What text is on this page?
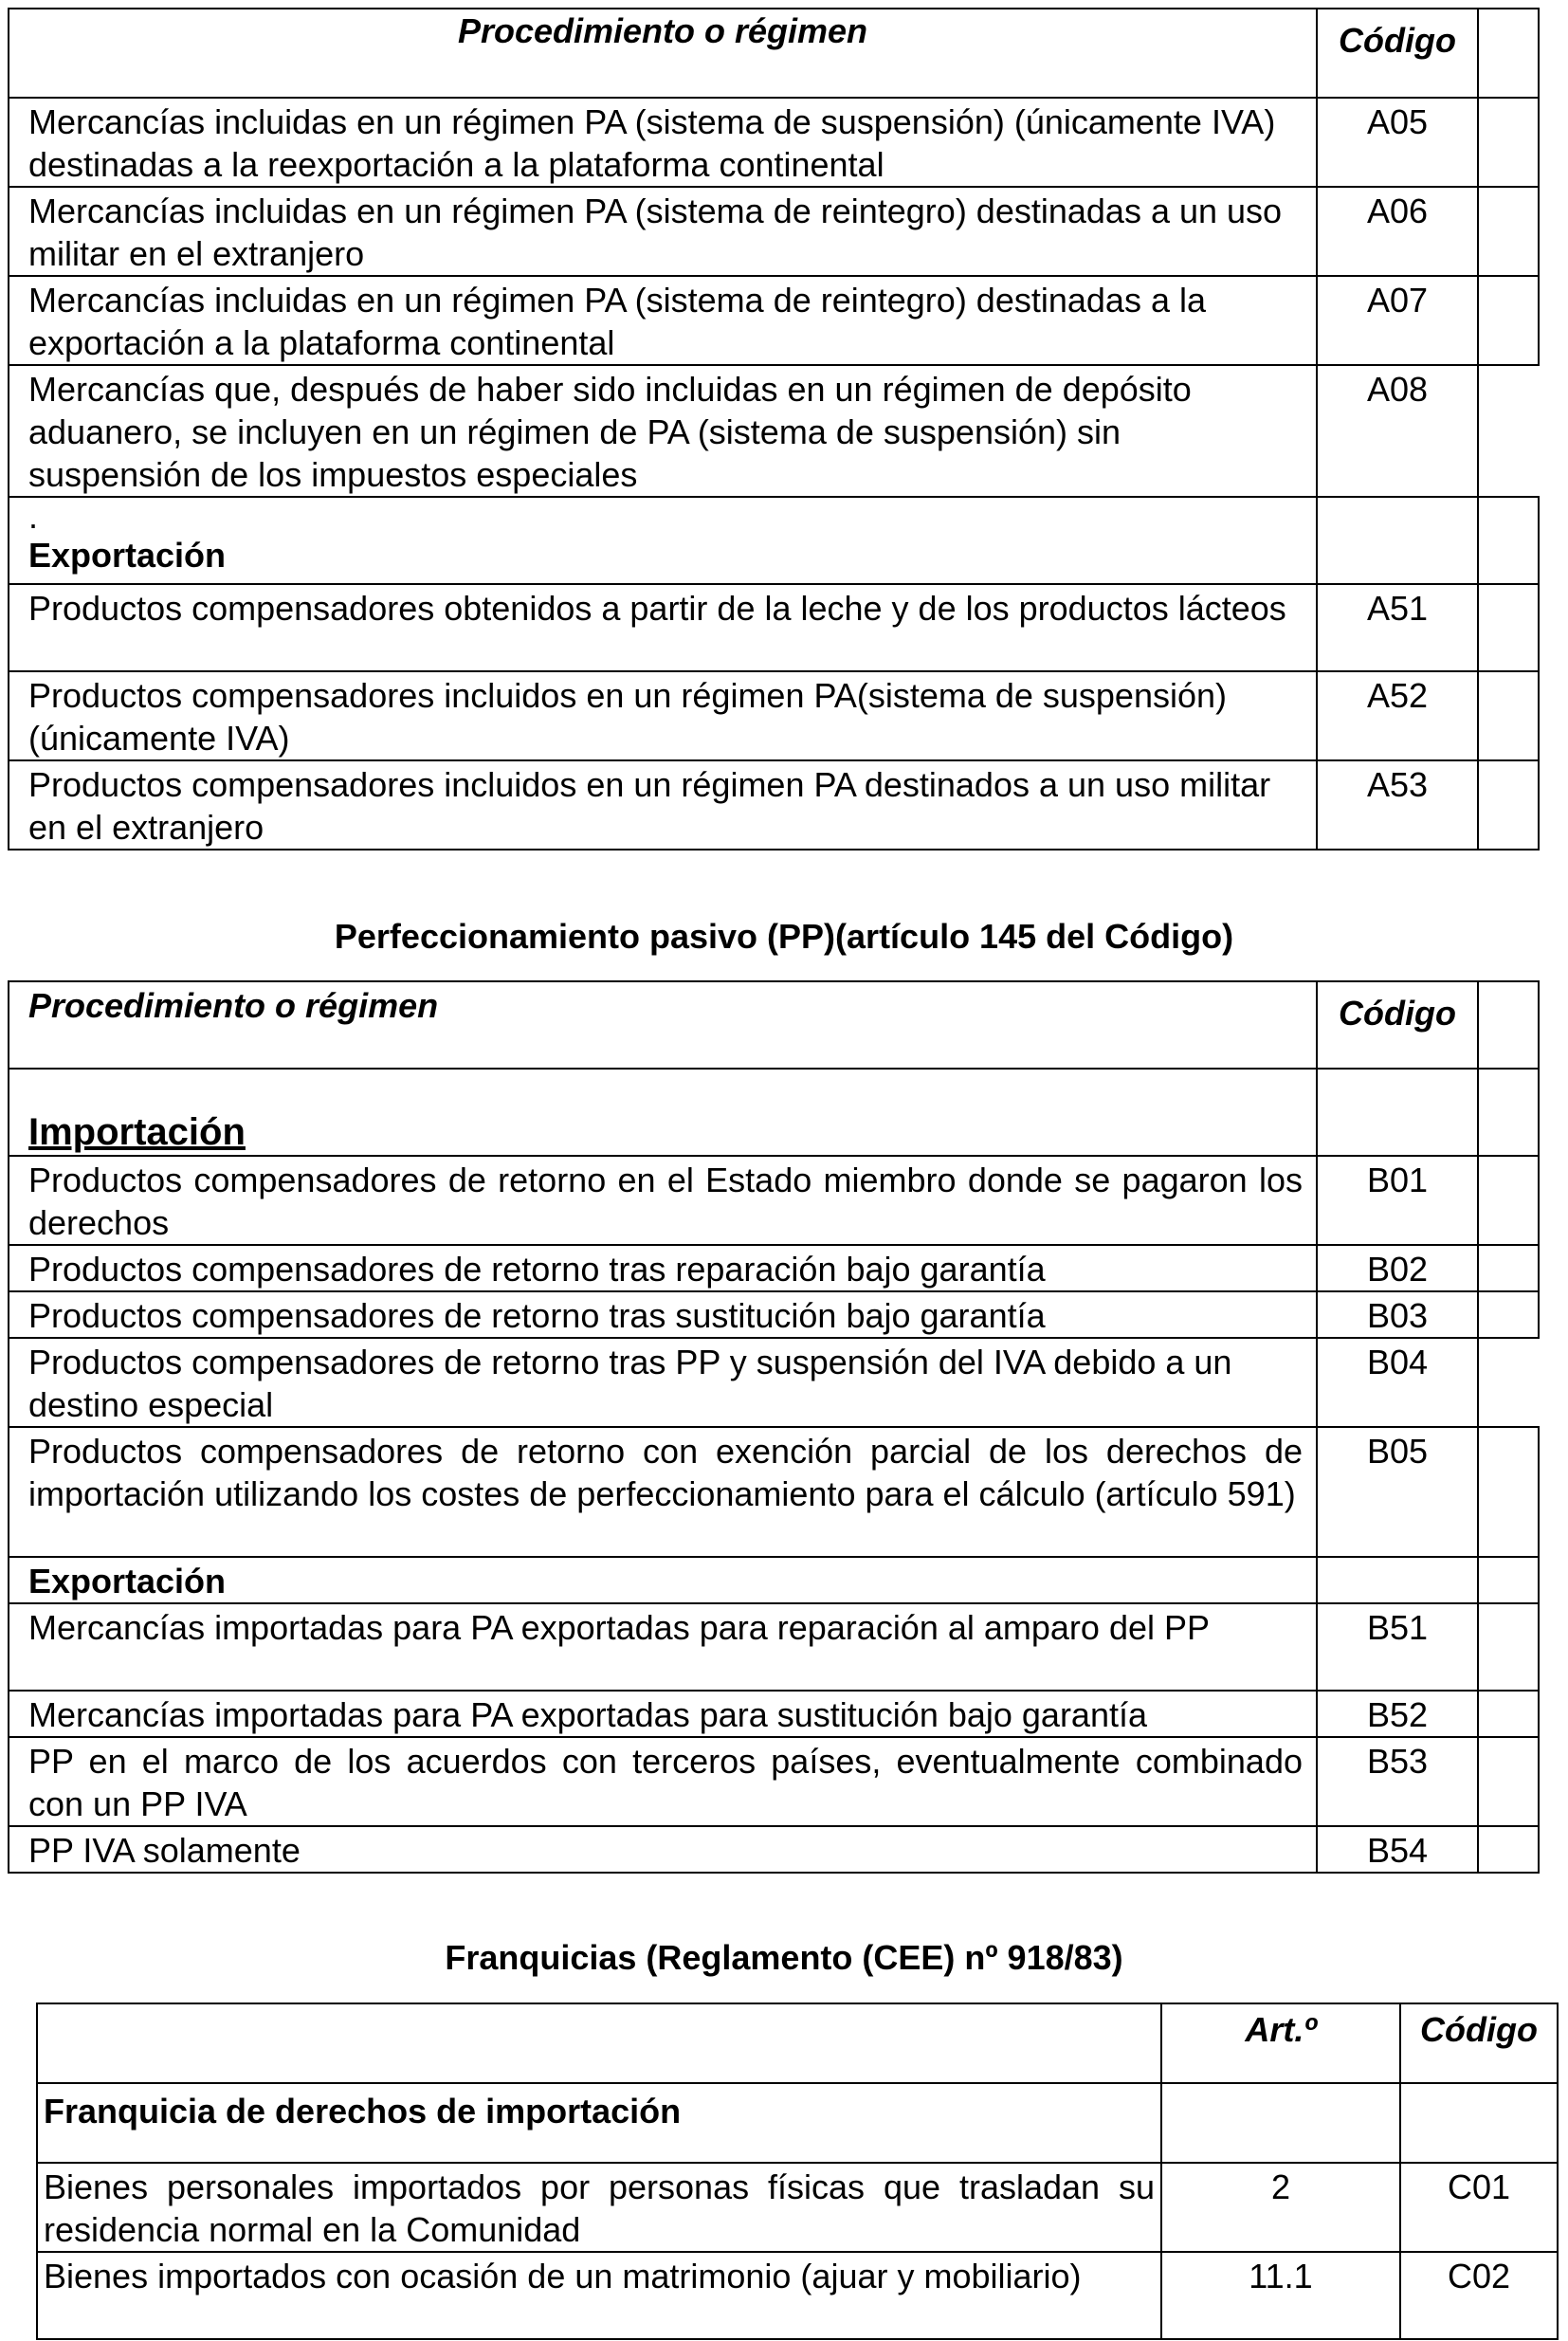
Procedimiento o régimen	Código	
Mercancías incluidas en un régimen PA (sistema de suspensión) (únicamente IVA) destinadas a la reexportación a la plataforma continental	A05	
Mercancías incluidas en un régimen PA (sistema de reintegro) destinadas a un uso militar en el extranjero	A06	
Mercancías incluidas en un régimen PA (sistema de reintegro) destinadas a la exportación a la plataforma continental	A07	
Mercancías que, después de haber sido incluidas en un régimen de depósito aduanero, se incluyen en un régimen de PA (sistema de suspensión) sin suspensión de los impuestos especiales	A08	

.
Exportación		

Productos compensadores obtenidos a partir de la leche y de los productos lácteos	A51	
Productos compensadores incluidos en un régimen PA(sistema de suspensión) (únicamente IVA)	A52	
Productos compensadores incluidos en un régimen PA destinados a un uso militar en el extranjero	A53	
Perfeccionamiento pasivo (PP)(artículo 145 del Código)
Procedimiento o régimen	Código	
Importación		
Productos compensadores de retorno en el Estado miembro donde se pagaron los derechos	B01	
Productos compensadores de retorno tras reparación bajo garantía	B02	
Productos compensadores de retorno tras sustitución bajo garantía	B03	
Productos compensadores de retorno tras PP y suspensión del IVA debido a un destino especial	B04	
Productos compensadores de retorno con exención parcial de los derechos de importación utilizando los costes de perfeccionamiento para el cálculo (artículo 591)	B05	
Exportación		
Mercancías importadas para PA exportadas para reparación al amparo del PP	B51	
Mercancías importadas para PA exportadas para sustitución bajo garantía	B52	
PP en el marco de los acuerdos con terceros países, eventualmente combinado con un PP IVA	B53	
PP IVA solamente	B54	
Franquicias (Reglamento (CEE) nº 918/83)
	Art.º	Código
Franquicia de derechos de importación		
Bienes personales importados por personas físicas que trasladan su residencia normal en la Comunidad	2	C01
Bienes importados con ocasión de un matrimonio (ajuar y mobiliario)	11.1	C02
